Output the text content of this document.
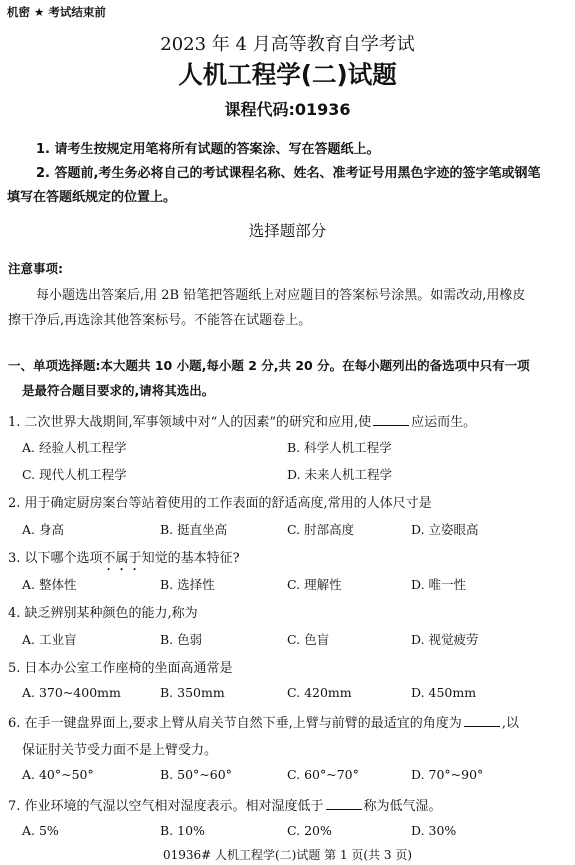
机密 ★ 考试结束前
2023 年 4 月高等教育自学考试
人机工程学(二)试题
课程代码:01936
1. 请考生按规定用笔将所有试题的答案涂、写在答题纸上。
2. 答题前,考生务必将自己的考试课程名称、姓名、准考证号用黑色字迹的签字笔或钢笔
填写在答题纸规定的位置上。
选择题部分
注意事项:
每小题选出答案后,用 2B 铅笔把答题纸上对应题目的答案标号涂黑。如需改动,用橡皮
擦干净后,再选涂其他答案标号。不能答在试题卷上。
一、单项选择题:本大题共 10 小题,每小题 2 分,共 20 分。在每小题列出的备选项中只有一项
是最符合题目要求的,请将其选出。
1. 二次世界大战期间,军事领域中对“人的因素”的研究和应用,使	应运而生。
A. 经验人机工程学	B. 科学人机工程学
C. 现代人机工程学	D. 未来人机工程学
2. 用于确定厨房案台等站着使用的工作表面的舒适高度,常用的人体尺寸是
A. 身高	B. 挺直坐高	C. 肘部高度	D. 立姿眼高
3. 以下哪个选项不属于知觉的基本特征?
A. 整体性	B. 选择性	C. 理解性	D. 唯一性
4. 缺乏辨别某种颜色的能力,称为
A. 工业盲	B. 色弱	C. 色盲	D. 视觉疲劳
5. 日本办公室工作座椅的坐面高通常是
A. 370~400mm	B. 350mm	C. 420mm	D. 450mm
6. 在手一键盘界面上,要求上臂从肩关节自然下垂,上臂与前臂的最适宜的角度为	,以
保证肘关节受力面不是上臂受力。
A. 40°~50°	B. 50°~60°	C. 60°~70°	D. 70°~90°
7. 作业环境的气湿以空气相对湿度表示。相对湿度低于	称为低气湿。
A. 5%	B. 10%	C. 20%	D. 30%
01936# 人机工程学(二)试题 第 1 页(共 3 页)
